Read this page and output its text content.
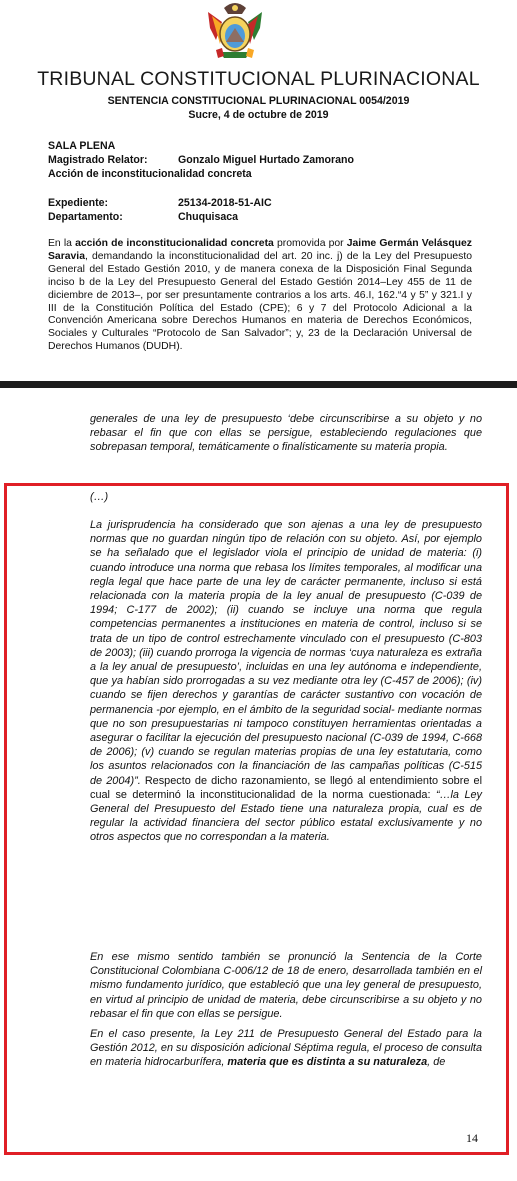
TRIBUNAL CONSTITUCIONAL PLURINACIONAL
SENTENCIA CONSTITUCIONAL PLURINACIONAL 0054/2019
Sucre, 4 de octubre de 2019
SALA PLENA
Magistrado Relator:	Gonzalo Miguel Hurtado Zamorano
Acción de inconstitucionalidad concreta
Expediente:	25134-2018-51-AIC
Departamento:	Chuquisaca
En la acción de inconstitucionalidad concreta promovida por Jaime Germán Velásquez Saravia, demandando la inconstitucionalidad del art. 20 inc. j) de la Ley del Presupuesto General del Estado Gestión 2010, y de manera conexa de la Disposición Final Segunda inciso b de la Ley del Presupuesto General del Estado Gestión 2014–Ley 455 de 11 de diciembre de 2013–, por ser presuntamente contrarios a los arts. 46.I, 162.“4 y 5” y 321.I y III de la Constitución Política del Estado (CPE); 6 y 7 del Protocolo Adicional a la Convención Americana sobre Derechos Humanos en materia de Derechos Económicos, Sociales y Culturales “Protocolo de San Salvador”; y, 23 de la Declaración Universal de Derechos Humanos (DUDH).
generales de una ley de presupuesto ‘debe circunscribirse a su objeto y no rebasar el fin que con ellas se persigue, estableciendo regulaciones que sobrepasan temporal, temáticamente o finalísticamente su materia propia.
(…)
La jurisprudencia ha considerado que son ajenas a una ley de presupuesto normas que no guardan ningún tipo de relación con su objeto. Así, por ejemplo se ha señalado que el legislador viola el principio de unidad de materia: (i) cuando introduce una norma que rebasa los límites temporales, al modificar una regla legal que hace parte de una ley de carácter permanente, incluso si está relacionada con la materia propia de la ley anual de presupuesto (C-039 de 1994; C-177 de 2002); (ii) cuando se incluye una norma que regula competencias permanentes a instituciones en materia de control, incluso si se trata de un tipo de control estrechamente vinculado con el presupuesto (C-803 de 2003); (iii) cuando prorroga la vigencia de normas ‘cuya naturaleza es extraña a la ley anual de presupuesto’, incluidas en una ley autónoma e independiente, que ya habían sido prorrogadas a su vez mediante otra ley (C-457 de 2006); (iv) cuando se fijen derechos y garantías de carácter sustantivo con vocación de permanencia -por ejemplo, en el ámbito de la seguridad social- mediante normas que no son presupuestarias ni tampoco constituyen herramientas orientadas a asegurar o facilitar la ejecución del presupuesto nacional (C-039 de 1994, C-668 de 2006); (v) cuando se regulan materias propias de una ley estatutaria, como los asuntos relacionados con la financiación de las campañas políticas (C-515 de 2004)”. Respecto de dicho razonamiento, se llegó al entendimiento sobre el cual se determinó la inconstitucionalidad de la norma cuestionada: “…la Ley General del Presupuesto del Estado tiene una naturaleza propia, cual es de regular la actividad financiera del sector público estatal exclusivamente y no otros aspectos que no correspondan a la materia.
En ese mismo sentido también se pronunció la Sentencia de la Corte Constitucional Colombiana C-006/12 de 18 de enero, desarrollada también en el mismo fundamento jurídico, que estableció que una ley general de presupuesto, en virtud al principio de unidad de materia, debe circunscribirse a su objeto y no rebasar el fin que con ellas se persigue.
En el caso presente, la Ley 211 de Presupuesto General del Estado para la Gestión 2012, en su disposición adicional Séptima regula, el proceso de consulta en materia hidrocarburífera, materia que es distinta a su naturaleza, de
14
